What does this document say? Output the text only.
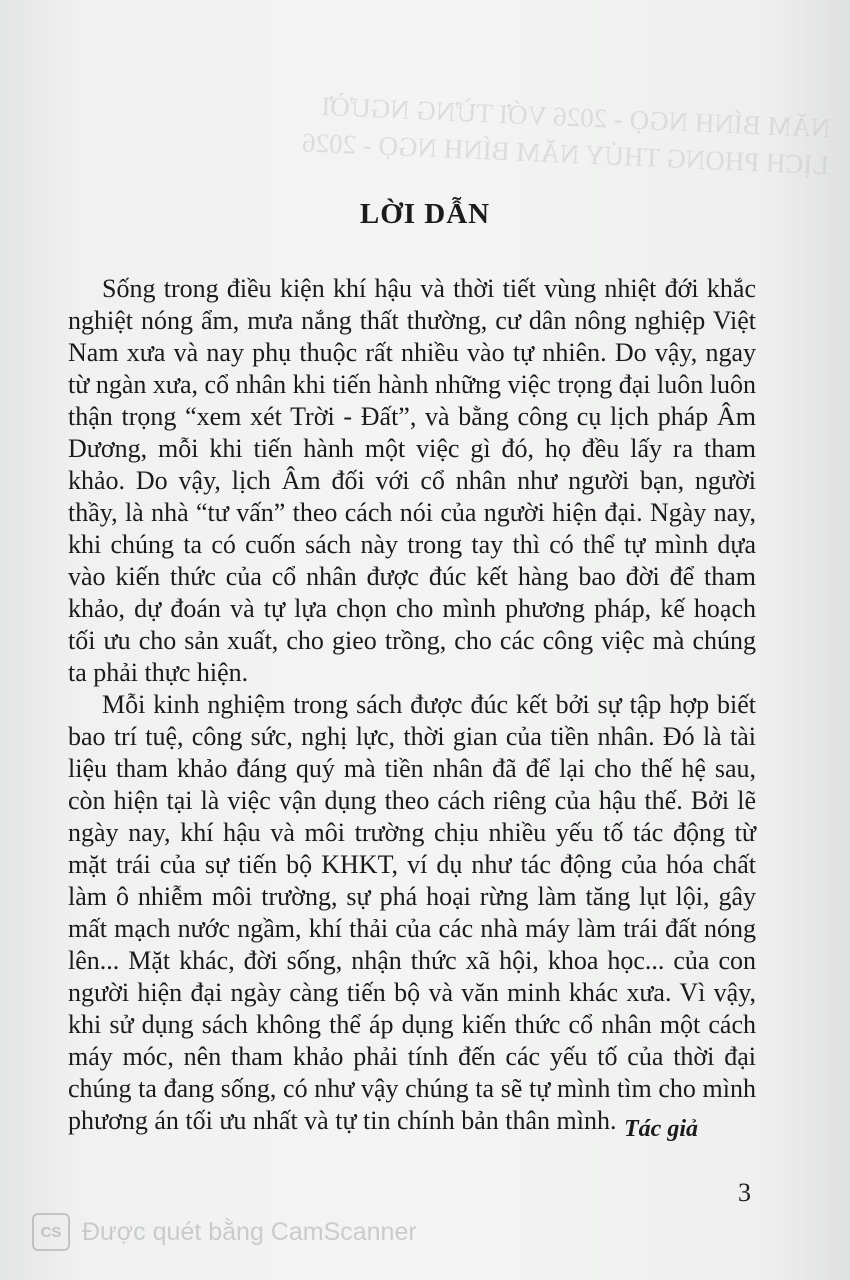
NĂM BÍNH NGỌ - 2026 VỚI TỪNG NGƯỜI
LỊCH PHONG THỦY NĂM BÍNH NGỌ - 2026
LỜI DẪN

Sống trong điều kiện khí hậu và thời tiết vùng nhiệt đới khắc nghiệt nóng ẩm, mưa nắng thất thường, cư dân nông nghiệp Việt Nam xưa và nay phụ thuộc rất nhiều vào tự nhiên. Do vậy, ngay từ ngàn xưa, cổ nhân khi tiến hành những việc trọng đại luôn luôn thận trọng “xem xét Trời - Đất”, và bằng công cụ lịch pháp Âm Dương, mỗi khi tiến hành một việc gì đó, họ đều lấy ra tham khảo. Do vậy, lịch Âm đối với cổ nhân như người bạn, người thầy, là nhà “tư vấn” theo cách nói của người hiện đại. Ngày nay, khi chúng ta có cuốn sách này trong tay thì có thể tự mình dựa vào kiến thức của cổ nhân được đúc kết hàng bao đời để tham khảo, dự đoán và tự lựa chọn cho mình phương pháp, kế hoạch tối ưu cho sản xuất, cho gieo trồng, cho các công việc mà chúng ta phải thực hiện.

Mỗi kinh nghiệm trong sách được đúc kết bởi sự tập hợp biết bao trí tuệ, công sức, nghị lực, thời gian của tiền nhân. Đó là tài liệu tham khảo đáng quý mà tiền nhân đã để lại cho thế hệ sau, còn hiện tại là việc vận dụng theo cách riêng của hậu thế. Bởi lẽ ngày nay, khí hậu và môi trường chịu nhiều yếu tố tác động từ mặt trái của sự tiến bộ KHKT, ví dụ như tác động của hóa chất làm ô nhiễm môi trường, sự phá hoại rừng làm tăng lụt lội, gây mất mạch nước ngầm, khí thải của các nhà máy làm trái đất nóng lên... Mặt khác, đời sống, nhận thức xã hội, khoa học... của con người hiện đại ngày càng tiến bộ và văn minh khác xưa. Vì vậy, khi sử dụng sách không thể áp dụng kiến thức cổ nhân một cách máy móc, nên tham khảo phải tính đến các yếu tố của thời đại chúng ta đang sống, có như vậy chúng ta sẽ tự mình tìm cho mình phương án tối ưu nhất và tự tin chính bản thân mình. Tác giả
3
CS Được quét bằng CamScanner
